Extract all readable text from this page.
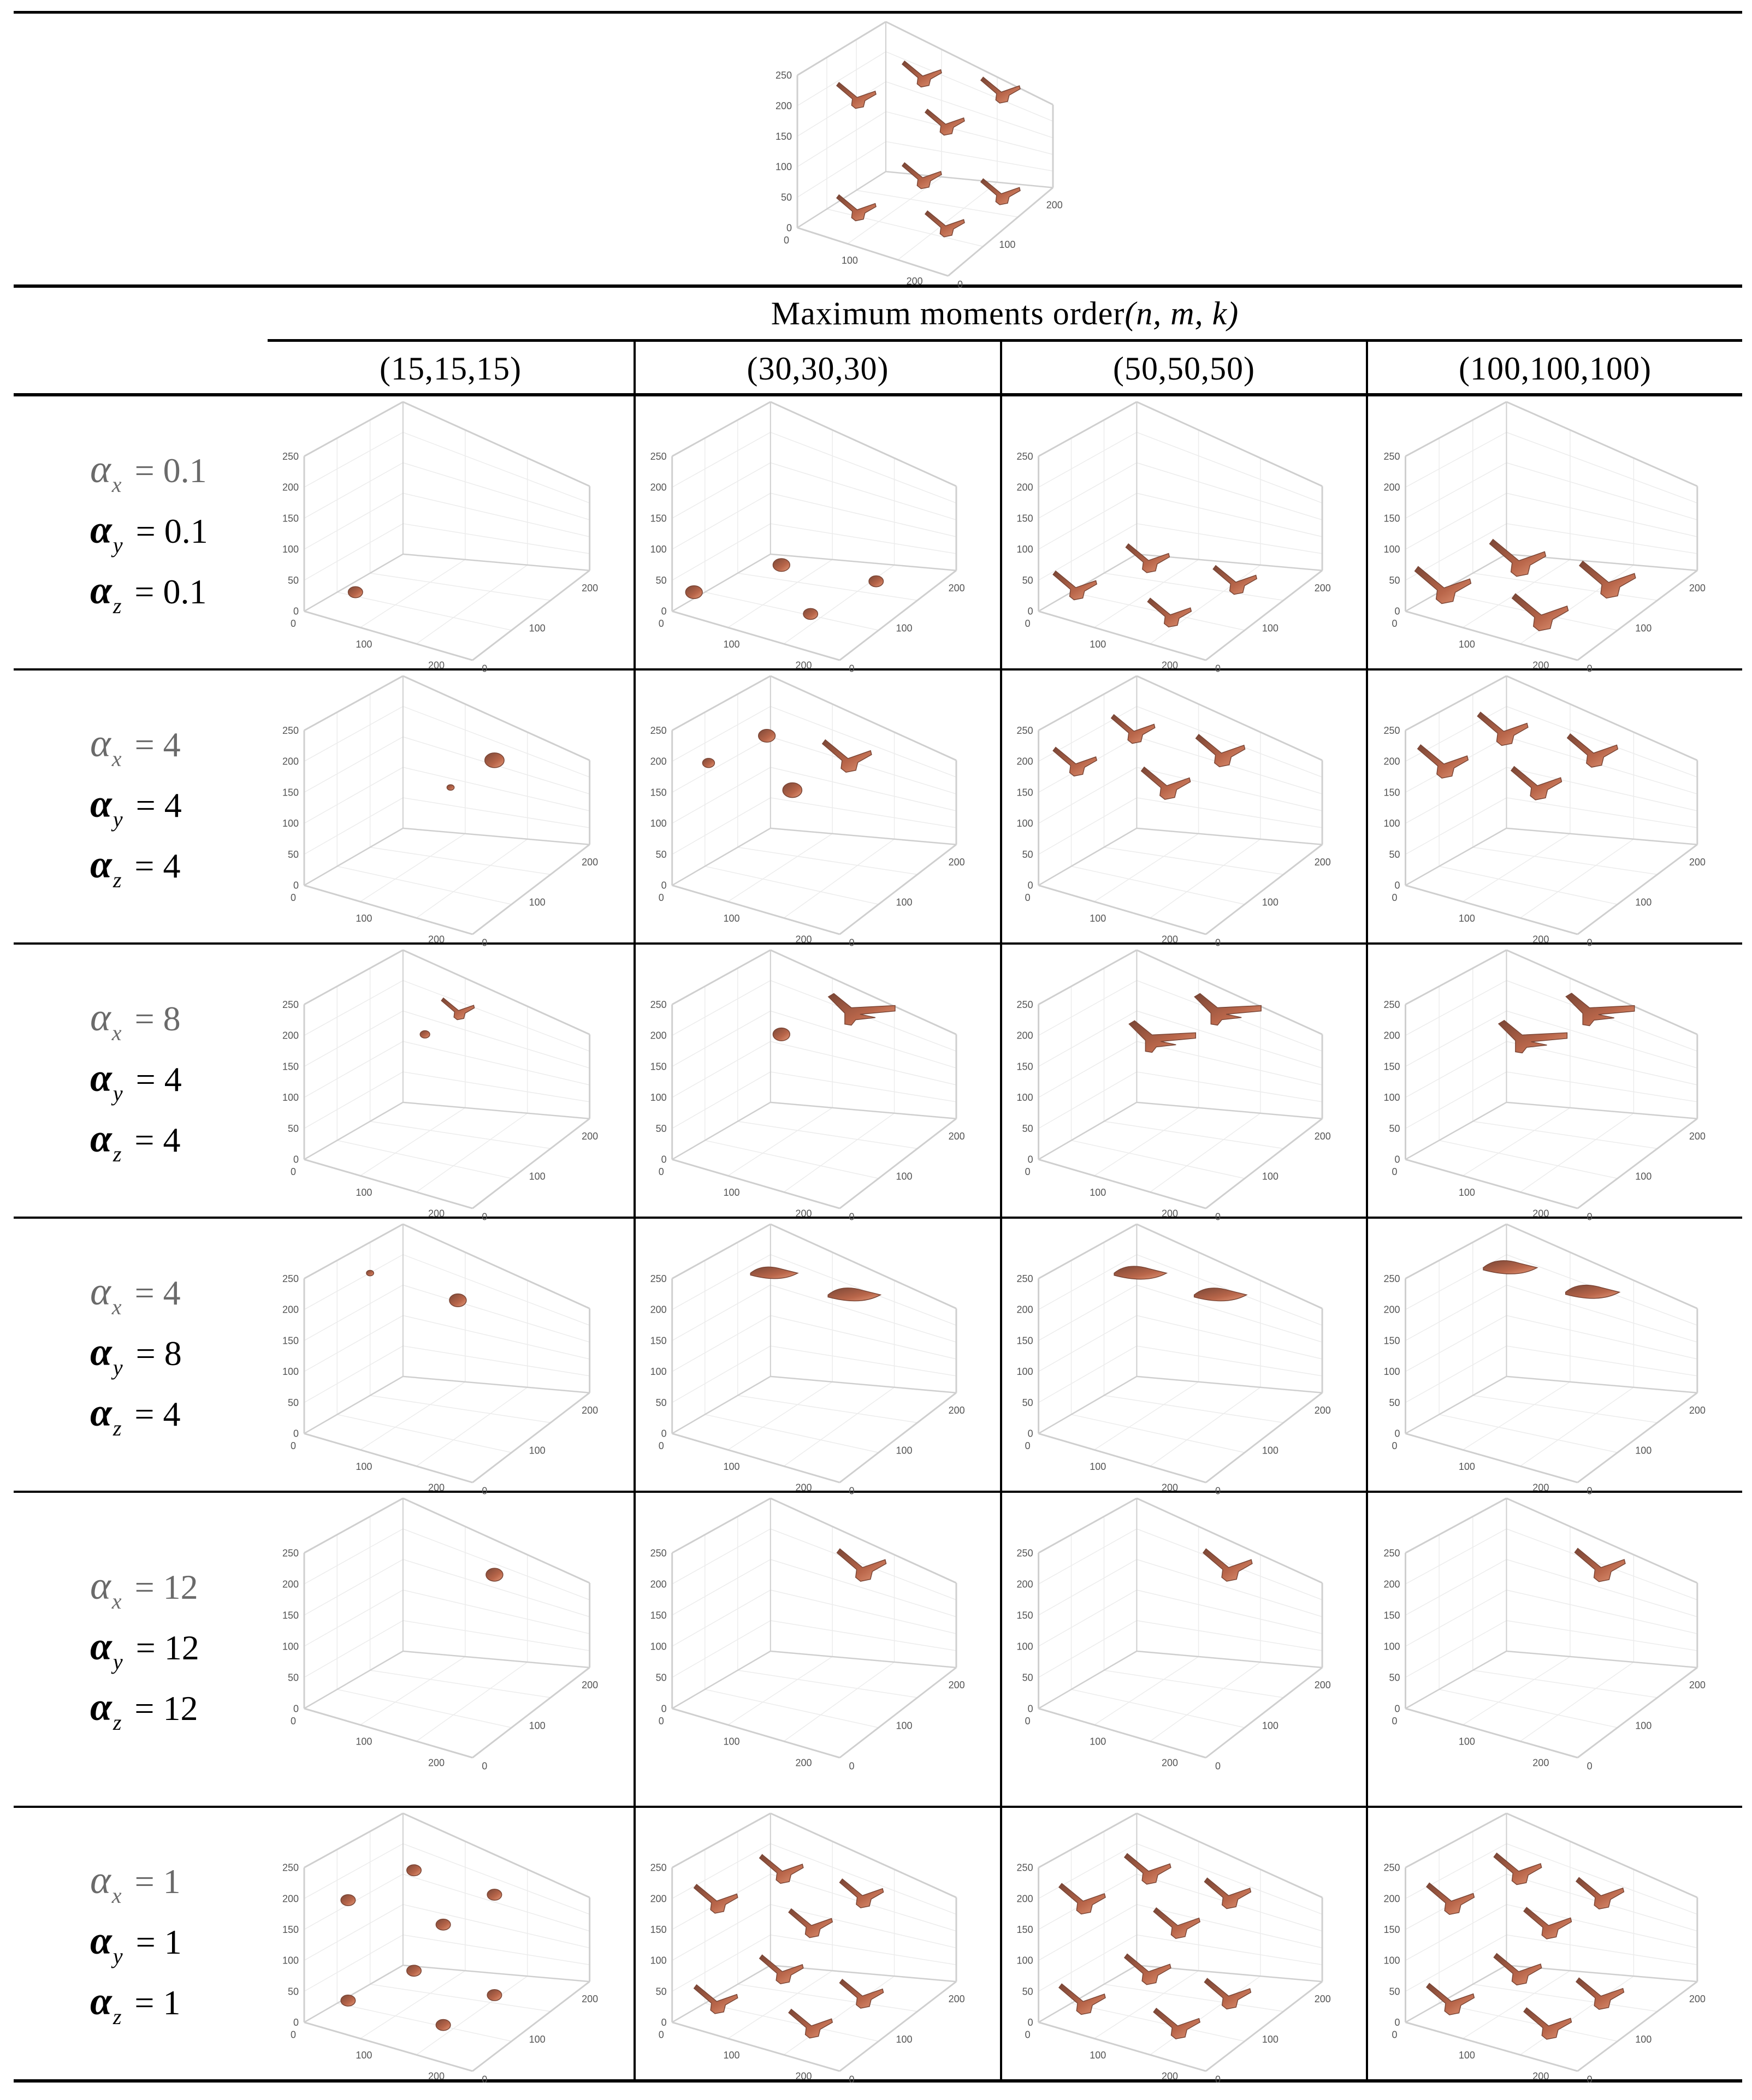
250
200
150
100
50
0
0
100
200	0
100
200
Maximum moments order (n, m, k)
(15,15,15)	(30,30,30)	(50,50,50)	(100,100,100)
$\alpha_x = 0.1$
$\alpha_y = 0.1$
$\alpha_z = 0.1$
250
200
150
100
50
0
0
100
200	0
100
200
250
200
150
100
50
0
0
100
200	0
100
200
250
200
150
100
50
0
0
100
200	0
100
200
250
200
150
100
50
0
0
100
200	0
100
200
$\alpha_x = 4$
$\alpha_y = 4$
$\alpha_z = 4$
250
200
150
100
50
0
0
100
200	0
100
200
250
200
150
100
50
0
0
100
200	0
100
200
250
200
150
100
50
0
0
100
200	0
100
200
250
200
150
100
50
0
0
100
200	0
100
200
$\alpha_x = 8$
$\alpha_y = 4$
$\alpha_z = 4$
250
200
150
100
50
0
0
100
200	0
100
200
250
200
150
100
50
0
0
100
200	0
100
200
250
200
150
100
50
0
0
100
200	0
100
200
250
200
150
100
50
0
0
100
200	0
100
200
$\alpha_x = 4$
$\alpha_y = 8$
$\alpha_z = 4$
250
200
150
100
50
0
0
100
200	0
100
200
250
200
150
100
50
0
0
100
200	0
100
200
250
200
150
100
50
0
0
100
200	0
100
200
250
200
150
100
50
0
0
100
200	0
100
200
$\alpha_x = 12$
$\alpha_y = 12$
$\alpha_z = 12$
250
200
150
100
50
0
0
100
200	0
100
200
250
200
150
100
50
0
0
100
200	0
100
200
250
200
150
100
50
0
0
100
200	0
100
200
250
200
150
100
50
0
0
100
200	0
100
200
$\alpha_x = 1$
$\alpha_y = 1$
$\alpha_z = 1$
250
200
150
100
50
0
0
100
200	0
100
200
250
200
150
100
50
0
0
100
200	0
100
200
250
200
150
100
50
0
0
100
200	0
100
200
250
200
150
100
50
0
0
100
200	0
100
200
